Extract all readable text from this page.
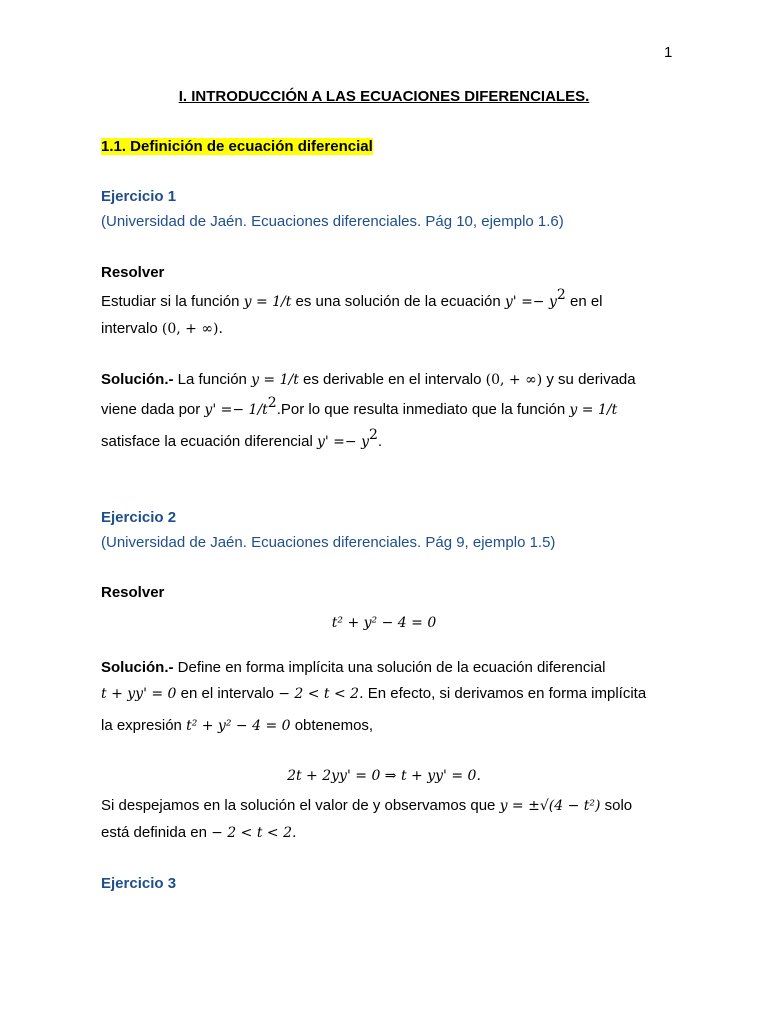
1
I. INTRODUCCIÓN A LAS ECUACIONES DIFERENCIALES.
1.1. Definición de ecuación diferencial
Ejercicio 1
(Universidad de Jaén. Ecuaciones diferenciales. Pág 10, ejemplo 1.6)
Resolver
Estudiar si la función y = 1/t es una solución de la ecuación $y' =- y^2$ en el
intervalo (0, + ∞).
Solución.- La función y = 1/t es derivable en el intervalo (0, + ∞) y su derivada
viene dada por $y' =- 1/t^2.Por$ lo que resulta inmediato que la función y = 1/t
satisface la ecuación diferencial $y' =- y^2$.
Ejercicio 2
(Universidad de Jaén. Ecuaciones diferenciales. Pág 9, ejemplo 1.5)
Resolver
t² + y² − 4 = 0
Solución.- Define en forma implícita una solución de la ecuación diferencial
t + yy' = 0 en el intervalo − 2 < t < 2. En efecto, si derivamos en forma implícita
la expresión t² + y² − 4 = 0 obtenemos,
2t + 2yy' = 0 ⇒ t + yy' = 0.
Si despejamos en la solución el valor de y observamos que y = ±√(4 − t²) solo
está definida en − 2 < t < 2.
Ejercicio 3
